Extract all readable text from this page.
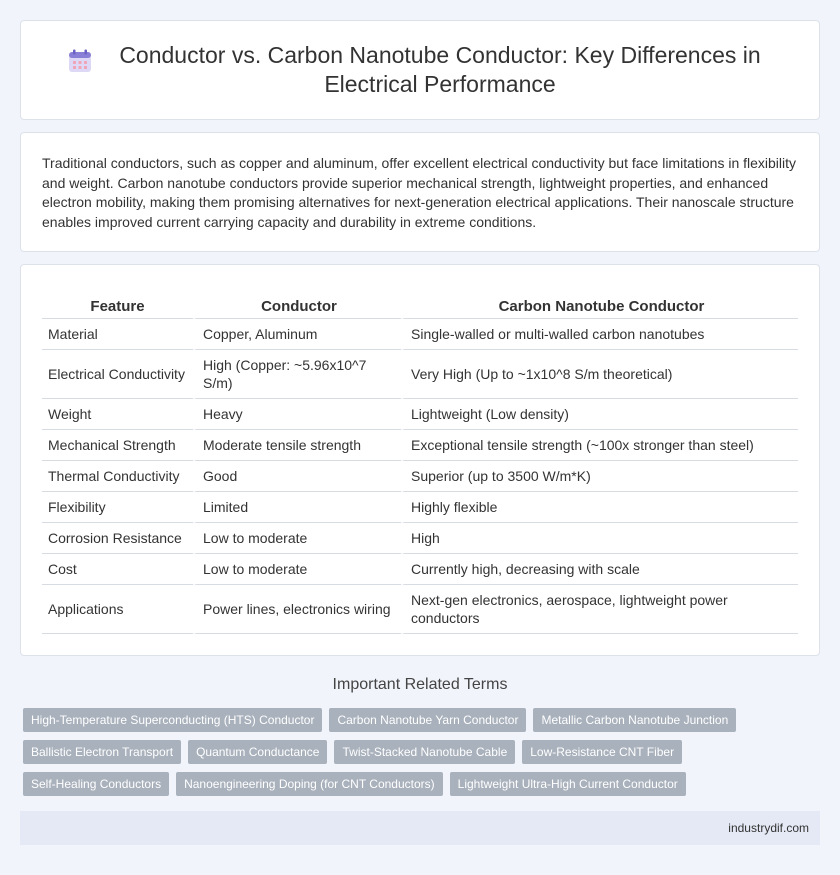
Conductor vs. Carbon Nanotube Conductor: Key Differences in Electrical Performance

Traditional conductors, such as copper and aluminum, offer excellent electrical conductivity but face limitations in flexibility and weight. Carbon nanotube conductors provide superior mechanical strength, lightweight properties, and enhanced electron mobility, making them promising alternatives for next-generation electrical applications. Their nanoscale structure enables improved current carrying capacity and durability in extreme conditions.

Feature	Conductor	Carbon Nanotube Conductor
Material	Copper, Aluminum	Single-walled or multi-walled carbon nanotubes
Electrical Conductivity	High (Copper: ~5.96x10^7 S/m)	Very High (Up to ~1x10^8 S/m theoretical)
Weight	Heavy	Lightweight (Low density)
Mechanical Strength	Moderate tensile strength	Exceptional tensile strength (~100x stronger than steel)
Thermal Conductivity	Good	Superior (up to 3500 W/m*K)
Flexibility	Limited	Highly flexible
Corrosion Resistance	Low to moderate	High
Cost	Low to moderate	Currently high, decreasing with scale
Applications	Power lines, electronics wiring	Next-gen electronics, aerospace, lightweight power conductors
Important Related Terms
High-Temperature Superconducting (HTS) Conductor	Carbon Nanotube Yarn Conductor	Metallic Carbon Nanotube Junction
Ballistic Electron Transport	Quantum Conductance	Twist-Stacked Nanotube Cable	Low-Resistance CNT Fiber
Self-Healing Conductors	Nanoengineering Doping (for CNT Conductors)	Lightweight Ultra-High Current Conductor
industrydif.com
